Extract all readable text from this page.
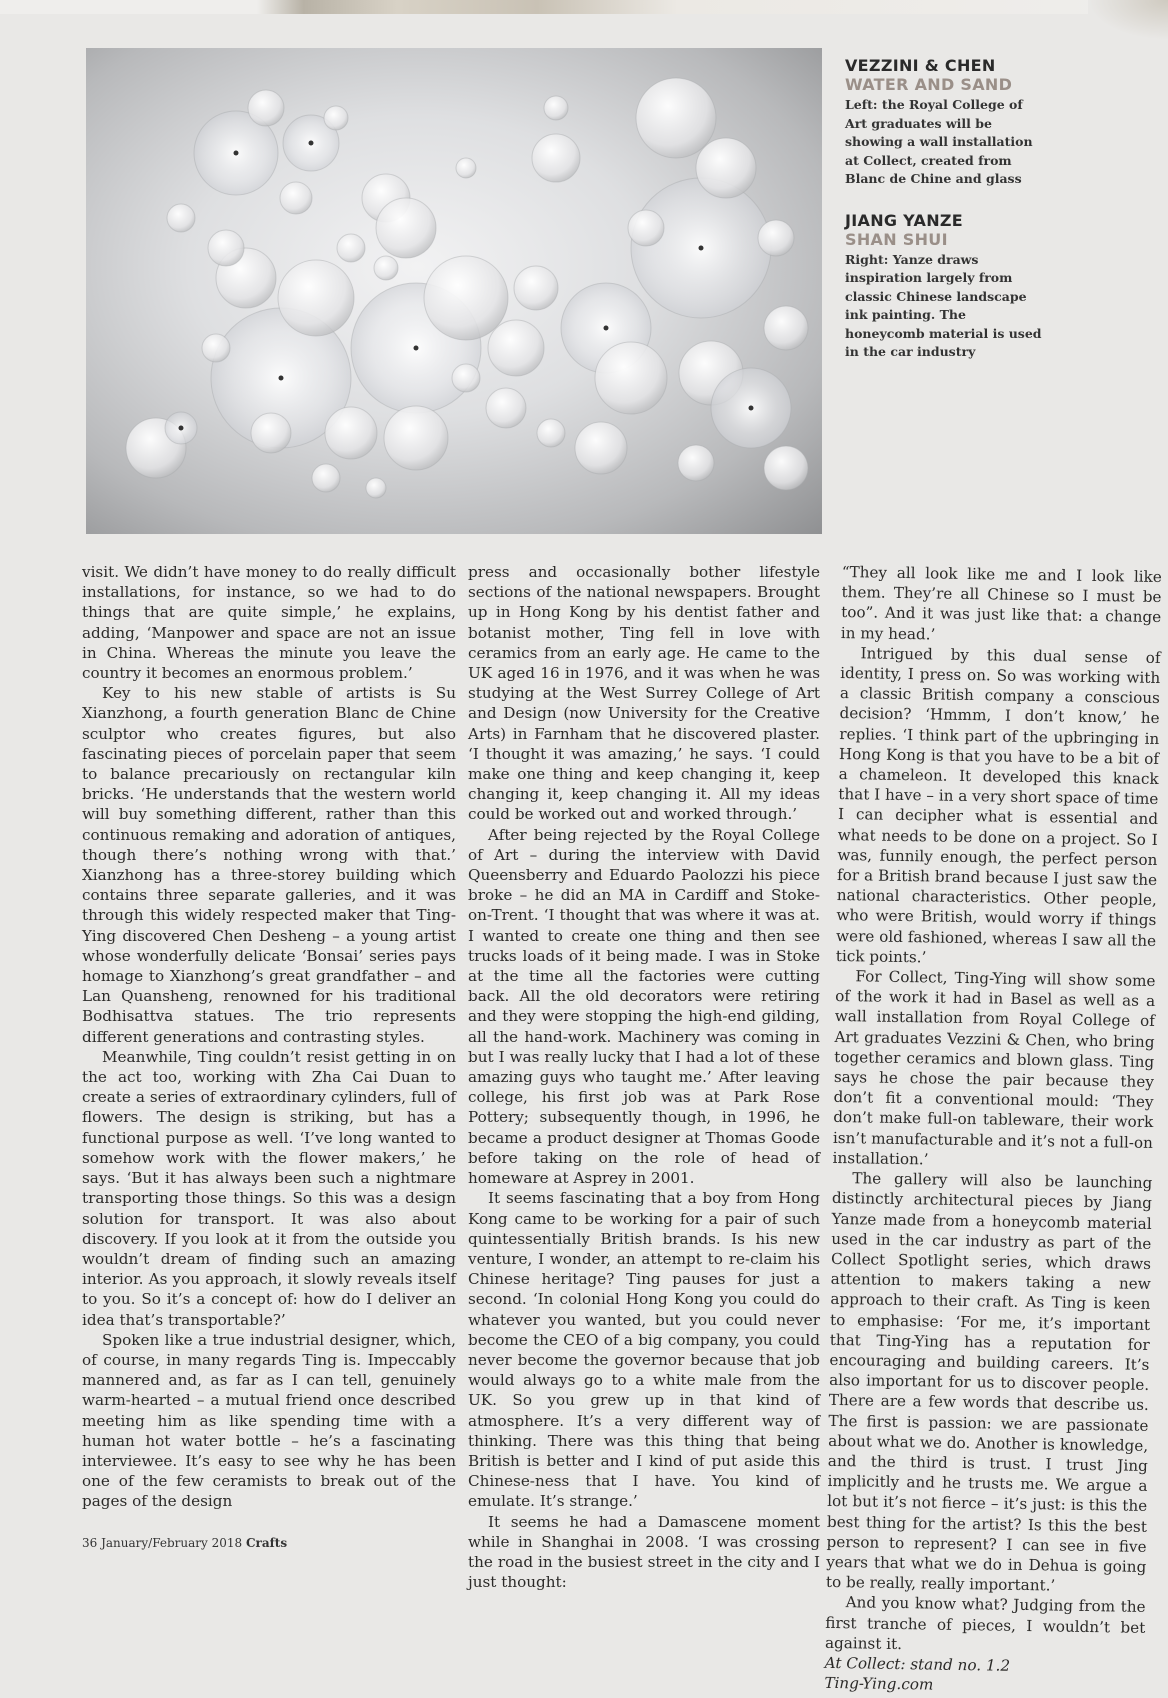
VEZZINI & CHEN
WATER AND SAND
Left: the Royal College of Art graduates will be showing a wall installation at Collect, created from Blanc de Chine and glass
JIANG YANZE
SHAN SHUI
Right: Yanze draws inspiration largely from classic Chinese landscape ink painting. The honeycomb material is used in the car industry

visit. We didn’t have money to do really difficult installations, for instance, so we had to do things that are quite simple,’ he explains, adding, ‘Manpower and space are not an issue in China. Whereas the minute you leave the country it becomes an enormous problem.’

Key to his new stable of artists is Su Xianzhong, a fourth generation Blanc de Chine sculptor who creates figures, but also fascinating pieces of porcelain paper that seem to balance precariously on rectangular kiln bricks. ‘He understands that the western world will buy something different, rather than this continuous remaking and adoration of antiques, though there’s nothing wrong with that.’ Xianzhong has a three-storey building which contains three separate galleries, and it was through this widely respected maker that Ting-Ying discovered Chen Desheng – a young artist whose wonderfully delicate ‘Bonsai’ series pays homage to Xianzhong’s great grandfather – and Lan Quansheng, renowned for his traditional Bodhisattva statues. The trio represents different generations and contrasting styles.

Meanwhile, Ting couldn’t resist getting in on the act too, working with Zha Cai Duan to create a series of extraordinary cylinders, full of flowers. The design is striking, but has a functional purpose as well. ‘I’ve long wanted to somehow work with the flower makers,’ he says. ‘But it has always been such a nightmare transporting those things. So this was a design solution for transport. It was also about discovery. If you look at it from the outside you wouldn’t dream of finding such an amazing interior. As you approach, it slowly reveals itself to you. So it’s a concept of: how do I deliver an idea that’s transportable?’

Spoken like a true industrial designer, which, of course, in many regards Ting is. Impeccably mannered and, as far as I can tell, genuinely warm-hearted – a mutual friend once described meeting him as like spending time with a human hot water bottle – he’s a fascinating interviewee. It’s easy to see why he has been one of the few ceramists to break out of the pages of the design

press and occasionally bother lifestyle sections of the national newspapers. Brought up in Hong Kong by his dentist father and botanist mother, Ting fell in love with ceramics from an early age. He came to the UK aged 16 in 1976, and it was when he was studying at the West Surrey College of Art and Design (now University for the Creative Arts) in Farnham that he discovered plaster. ‘I thought it was amazing,’ he says. ‘I could make one thing and keep changing it, keep changing it, keep changing it. All my ideas could be worked out and worked through.’

After being rejected by the Royal College of Art – during the interview with David Queensberry and Eduardo Paolozzi his piece broke – he did an MA in Cardiff and Stoke-on-Trent. ‘I thought that was where it was at. I wanted to create one thing and then see trucks loads of it being made. I was in Stoke at the time all the factories were cutting back. All the old decorators were retiring and they were stopping the high-end gilding, all the hand-work. Machinery was coming in but I was really lucky that I had a lot of these amazing guys who taught me.’ After leaving college, his first job was at Park Rose Pottery; subsequently though, in 1996, he became a product designer at Thomas Goode before taking on the role of head of homeware at Asprey in 2001.

It seems fascinating that a boy from Hong Kong came to be working for a pair of such quintessentially British brands. Is his new venture, I wonder, an attempt to re-claim his Chinese heritage? Ting pauses for just a second. ‘In colonial Hong Kong you could do whatever you wanted, but you could never become the CEO of a big company, you could never become the governor because that job would always go to a white male from the UK. So you grew up in that kind of atmosphere. It’s a very different way of thinking. There was this thing that being British is better and I kind of put aside this Chinese-ness that I have. You kind of emulate. It’s strange.’

It seems he had a Damascene moment while in Shanghai in 2008. ‘I was crossing the road in the busiest street in the city and I just thought:

“They all look like me and I look like them. They’re all Chinese so I must be too”. And it was just like that: a change in my head.’

Intrigued by this dual sense of identity, I press on. So was working with a classic British company a conscious decision? ‘Hmmm, I don’t know,’ he replies. ‘I think part of the upbringing in Hong Kong is that you have to be a bit of a chameleon. It developed this knack that I have – in a very short space of time I can decipher what is essential and what needs to be done on a project. So I was, funnily enough, the perfect person for a British brand because I just saw the national characteristics. Other people, who were British, would worry if things were old fashioned, whereas I saw all the tick points.’

For Collect, Ting-Ying will show some of the work it had in Basel as well as a wall installation from Royal College of Art graduates Vezzini & Chen, who bring together ceramics and blown glass. Ting says he chose the pair because they don’t fit a conventional mould: ‘They don’t make full-on tableware, their work isn’t manufacturable and it’s not a full-on installation.’

The gallery will also be launching distinctly architectural pieces by Jiang Yanze made from a honeycomb material used in the car industry as part of the Collect Spotlight series, which draws attention to makers taking a new approach to their craft. As Ting is keen to emphasise: ‘For me, it’s important that Ting-Ying has a reputation for encouraging and building careers. It’s also important for us to discover people. There are a few words that describe us. The first is passion: we are passionate about what we do. Another is knowledge, and the third is trust. I trust Jing implicitly and he trusts me. We argue a lot but it’s not fierce – it’s just: is this the best thing for the artist? Is this the best person to represent? I can see in five years that what we do in Dehua is going to be really, really important.’

And you know what? Judging from the first tranche of pieces, I wouldn’t bet against it.

At Collect: stand no. 1.2

Ting-Ying.com

36 January/February 2018 Crafts
